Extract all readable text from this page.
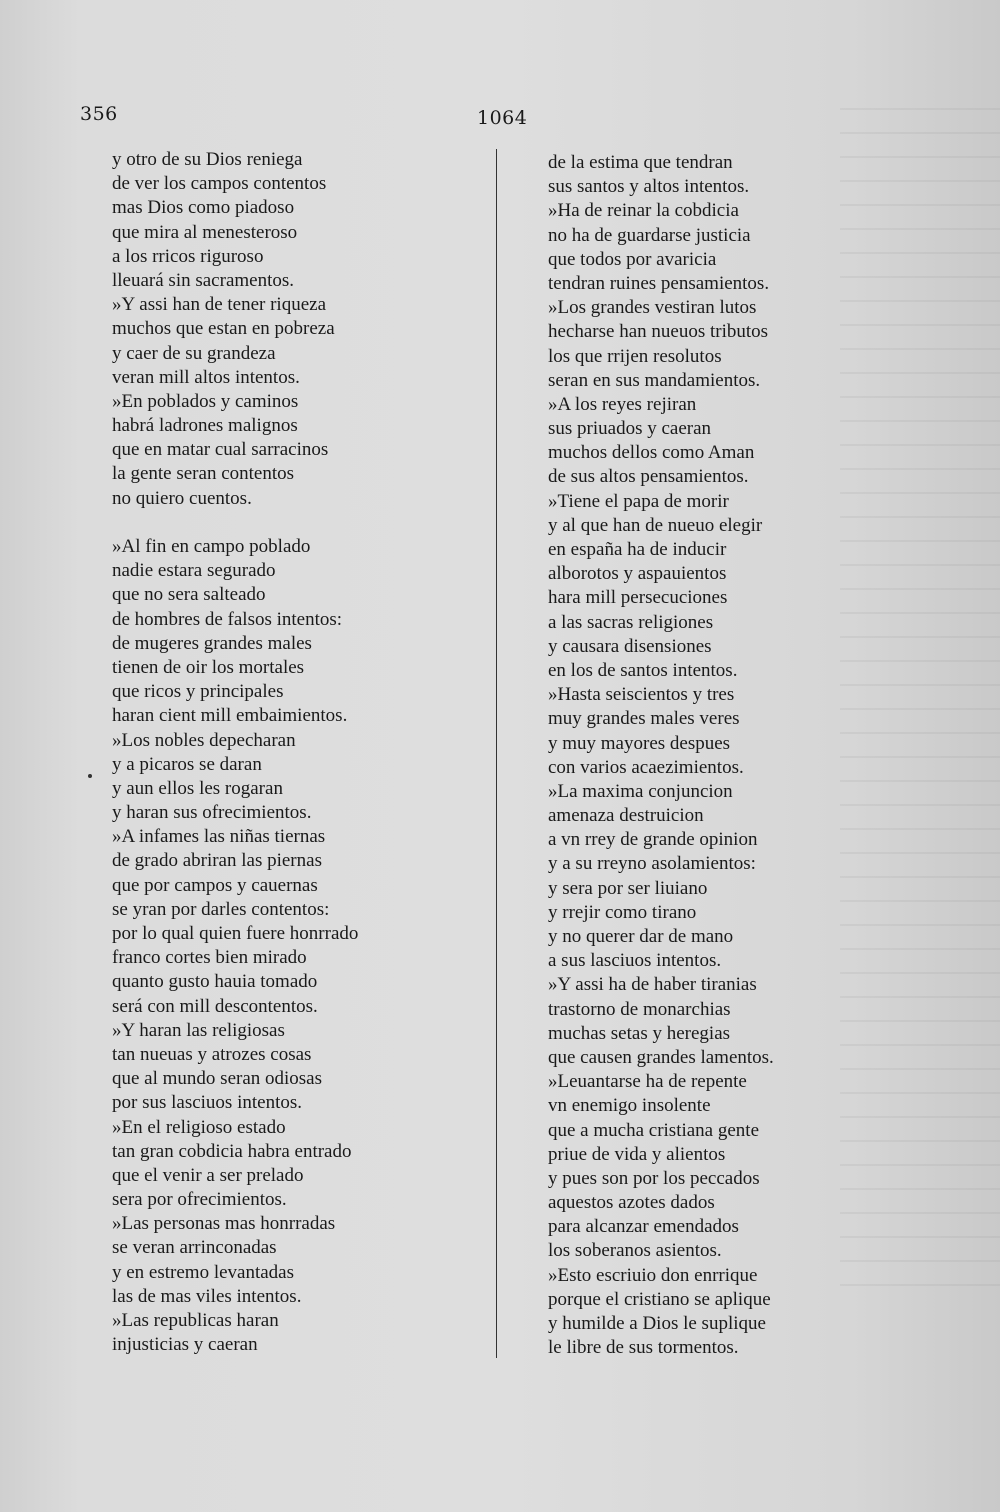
356	1064
y otro de su Dios reniega
de ver los campos contentos
mas Dios como piadoso
que mira al menesteroso
a los rricos riguroso
lleuará sin sacramentos.
»Y assi han de tener riqueza
muchos que estan en pobreza
y caer de su grandeza
veran mill altos intentos.
»En poblados y caminos
habrá ladrones malignos
que en matar cual sarracinos
la gente seran contentos
no quiero cuentos.
»Al fin en campo poblado
nadie estara segurado
que no sera salteado
de hombres de falsos intentos:
de mugeres grandes males
tienen de oir los mortales
que ricos y principales
haran cient mill embaimientos.
»Los nobles depecharan
y a picaros se daran
y aun ellos les rogaran
y haran sus ofrecimientos.
»A infames las niñas tiernas
de grado abriran las piernas
que por campos y cauernas
se yran por darles contentos:
por lo qual quien fuere honrrado
franco cortes bien mirado
quanto gusto hauia tomado
será con mill descontentos.
»Y haran las religiosas
tan nueuas y atrozes cosas
que al mundo seran odiosas
por sus lasciuos intentos.
»En el religioso estado
tan gran cobdicia habra entrado
que el venir a ser prelado
sera por ofrecimientos.
»Las personas mas honrradas
se veran arrinconadas
y en estremo levantadas
las de mas viles intentos.
»Las republicas haran
injusticias y caeran
de la estima que tendran
sus santos y altos intentos.
»Ha de reinar la cobdicia
no ha de guardarse justicia
que todos por avaricia
tendran ruines pensamientos.
»Los grandes vestiran lutos
hecharse han nueuos tributos
los que rrijen resolutos
seran en sus mandamientos.
»A los reyes rejiran
sus priuados y caeran
muchos dellos como Aman
de sus altos pensamientos.
»Tiene el papa de morir
y al que han de nueuo elegir
en españa ha de inducir
alborotos y aspauientos
hara mill persecuciones
a las sacras religiones
y causara disensiones
en los de santos intentos.
»Hasta seiscientos y tres
muy grandes males veres
y muy mayores despues
con varios acaezimientos.
»La maxima conjuncion
amenaza destruicion
a vn rrey de grande opinion
y a su rreyno asolamientos:
y sera por ser liuiano
y rrejir como tirano
y no querer dar de mano
a sus lasciuos intentos.
»Y assi ha de haber tiranias
trastorno de monarchias
muchas setas y heregias
que causen grandes lamentos.
»Leuantarse ha de repente
vn enemigo insolente
que a mucha cristiana gente
priue de vida y alientos
y pues son por los peccados
aquestos azotes dados
para alcanzar emendados
los soberanos asientos.
»Esto escriuio don enrrique
porque el cristiano se aplique
y humilde a Dios le suplique
le libre de sus tormentos.
